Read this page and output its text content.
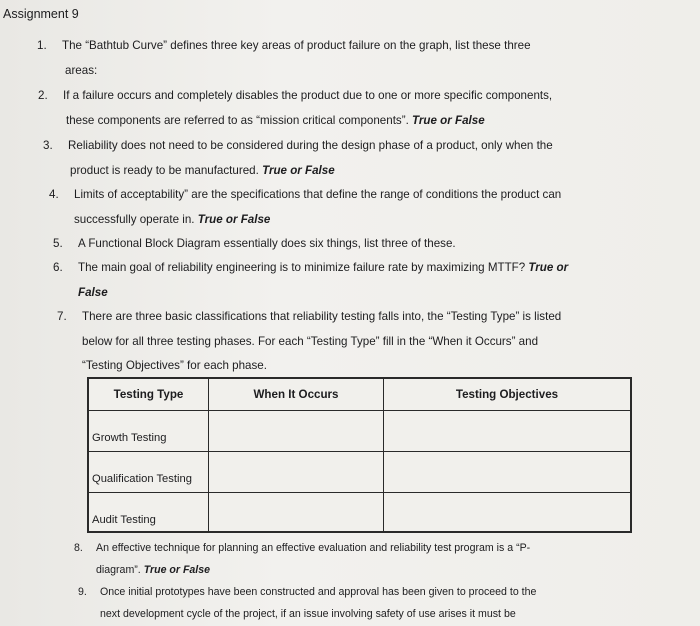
Assignment 9
1. The “Bathtub Curve” defines three key areas of product failure on the graph, list these three
areas:
2. If a failure occurs and completely disables the product due to one or more specific components,
these components are referred to as “mission critical components”. True or False
3. Reliability does not need to be considered during the design phase of a product, only when the
product is ready to be manufactured. True or False
4. Limits of acceptability” are the specifications that define the range of conditions the product can
successfully operate in. True or False
5. A Functional Block Diagram essentially does six things, list three of these.
6. The main goal of reliability engineering is to minimize failure rate by maximizing MTTF? True or
False
7. There are three basic classifications that reliability testing falls into, the “Testing Type” is listed
below for all three testing phases. For each “Testing Type” fill in the “When it Occurs” and
“Testing Objectives” for each phase.
Testing Type	When It Occurs	Testing Objectives
Growth Testing
Qualification Testing
Audit Testing
8. An effective technique for planning an effective evaluation and reliability test program is a “P-
diagram”. True or False
9. Once initial prototypes have been constructed and approval has been given to proceed to the
next development cycle of the project, if an issue involving safety of use arises it must be
